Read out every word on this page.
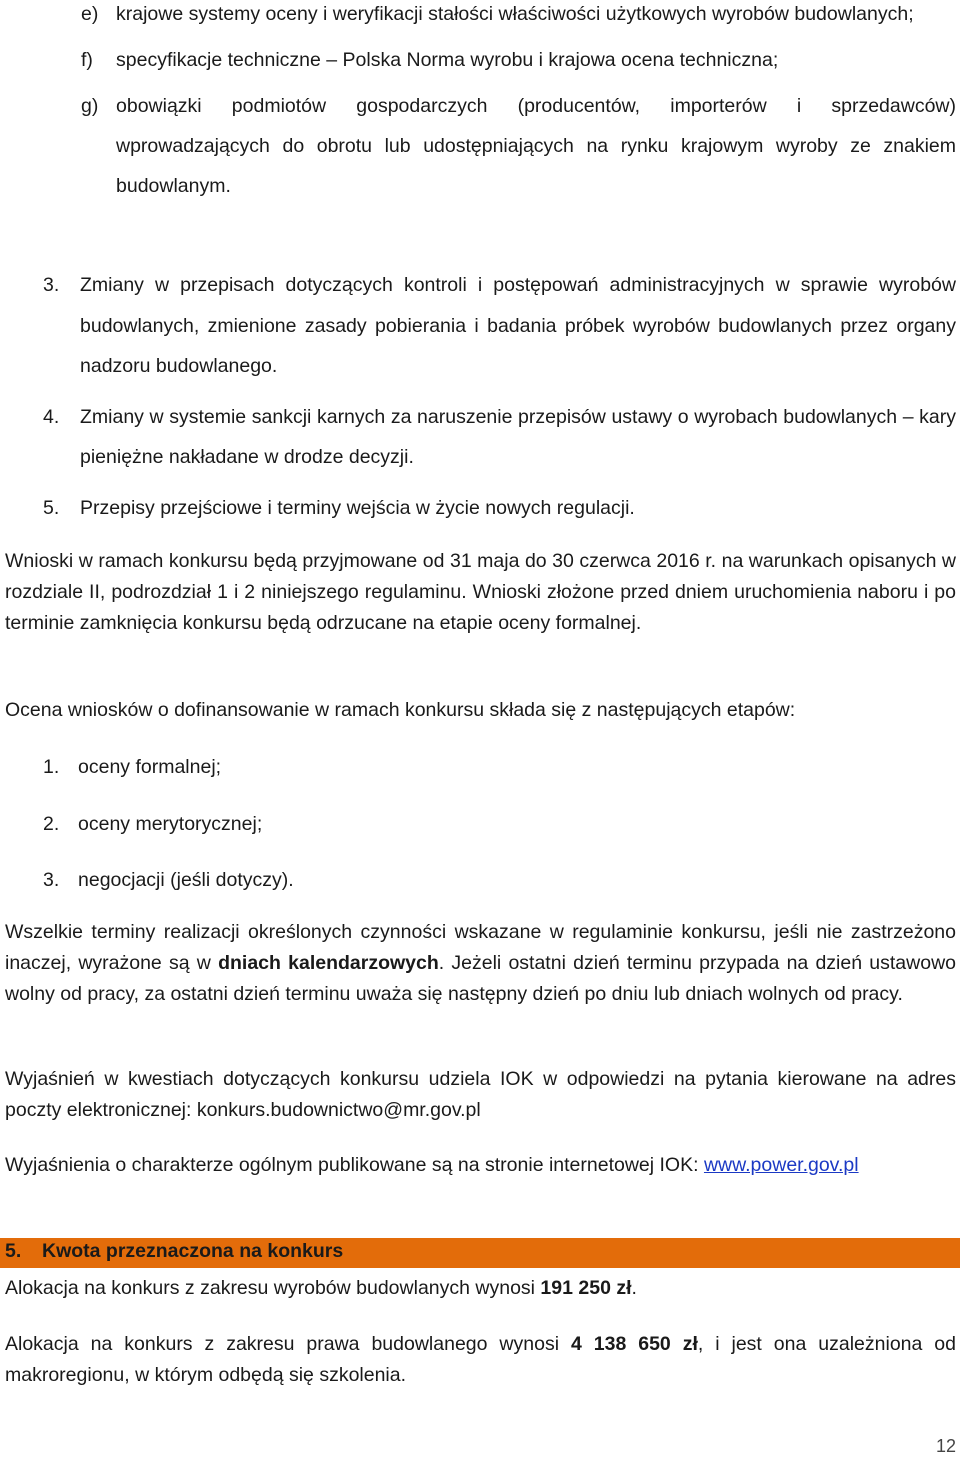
e) krajowe systemy oceny i weryfikacji stałości właściwości użytkowych wyrobów budowlanych;
f) specyfikacje techniczne – Polska Norma wyrobu i krajowa ocena techniczna;
g) obowiązki podmiotów gospodarczych (producentów, importerów i sprzedawców) wprowadzających do obrotu lub udostępniających na rynku krajowym wyroby ze znakiem budowlanym.
3. Zmiany w przepisach dotyczących kontroli i postępowań administracyjnych w sprawie wyrobów budowlanych, zmienione zasady pobierania i badania próbek wyrobów budowlanych przez organy nadzoru budowlanego.
4. Zmiany w systemie sankcji karnych za naruszenie przepisów ustawy o wyrobach budowlanych – kary pieniężne nakładane w drodze decyzji.
5. Przepisy przejściowe i terminy wejścia w życie nowych regulacji.

Wnioski w ramach konkursu będą przyjmowane od 31 maja do 30 czerwca 2016 r. na warunkach opisanych w rozdziale II, podrozdział 1 i 2 niniejszego regulaminu. Wnioski złożone przed dniem uruchomienia naboru i po terminie zamknięcia konkursu będą odrzucane na etapie oceny formalnej.

Ocena wniosków o dofinansowanie w ramach konkursu składa się z następujących etapów:

1. oceny formalnej;
2. oceny merytorycznej;
3. negocjacji (jeśli dotyczy).

Wszelkie terminy realizacji określonych czynności wskazane w regulaminie konkursu, jeśli nie zastrzeżono inaczej, wyrażone są w dniach kalendarzowych. Jeżeli ostatni dzień terminu przypada na dzień ustawowo wolny od pracy, za ostatni dzień terminu uważa się następny dzień po dniu lub dniach wolnych od pracy.

Wyjaśnień w kwestiach dotyczących konkursu udziela IOK w odpowiedzi na pytania kierowane na adres poczty elektronicznej: konkurs.budownictwo@mr.gov.pl

Wyjaśnienia o charakterze ogólnym publikowane są na stronie internetowej IOK: www.power.gov.pl

5. Kwota przeznaczona na konkurs

Alokacja na konkurs z zakresu wyrobów budowlanych wynosi 191 250 zł.

Alokacja na konkurs z zakresu prawa budowlanego wynosi 4 138 650 zł, i jest ona uzależniona od makroregionu, w którym odbędą się szkolenia.

12
